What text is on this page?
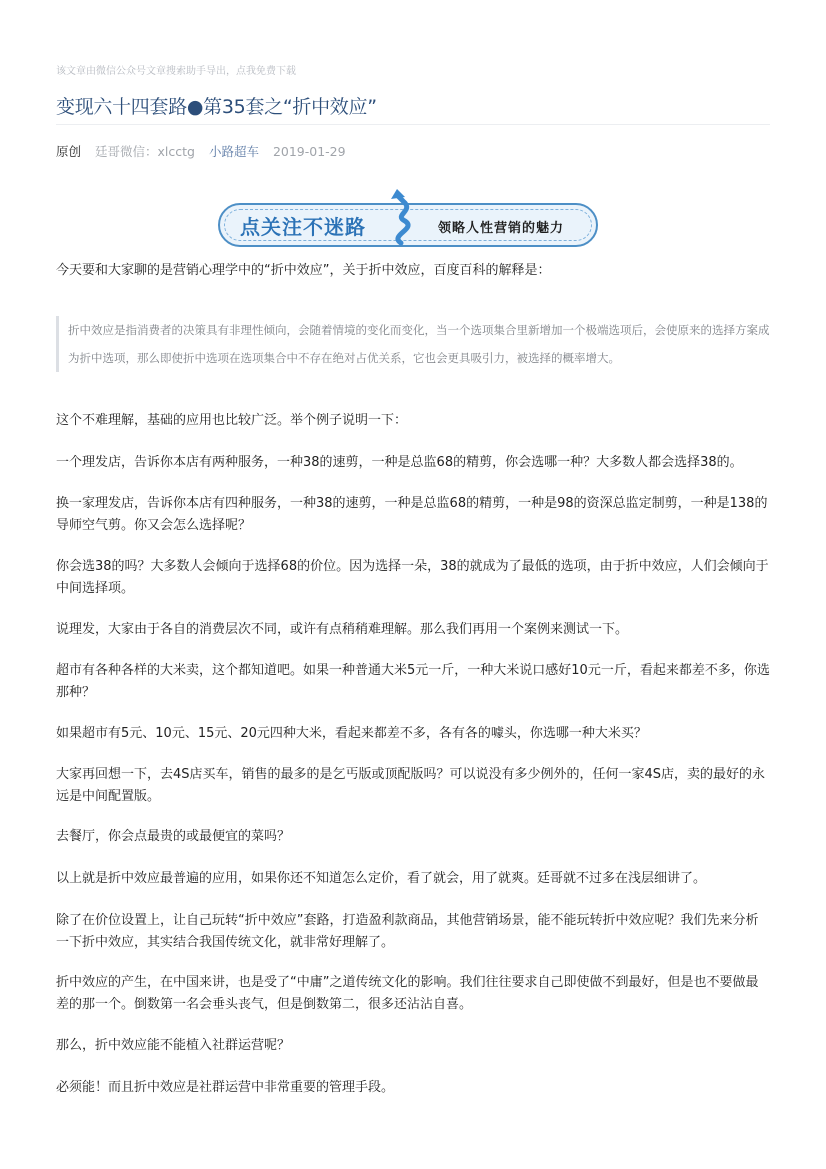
该文章由微信公众号文章搜索助手导出，点我免费下载
变现六十四套路●第35套之“折中效应”
原创 廷哥微信：xlcctg 小路超车 2019-01-29
点关注不迷路	领略人性营销的魅力

今天要和大家聊的是营销心理学中的“折中效应”，关于折中效应，百度百科的解释是：

折中效应是指消费者的决策具有非理性倾向，会随着情境的变化而变化，当一个选项集合里新增加一个极端选项后，会使原来的选择方案成为折中选项，那么即使折中选项在选项集合中不存在绝对占优关系，它也会更具吸引力，被选择的概率增大。

这个不难理解，基础的应用也比较广泛。举个例子说明一下：

一个理发店，告诉你本店有两种服务，一种38的速剪，一种是总监68的精剪，你会选哪一种？大多数人都会选择38的。

换一家理发店，告诉你本店有四种服务，一种38的速剪，一种是总监68的精剪，一种是98的资深总监定制剪，一种是138的导师空气剪。你又会怎么选择呢？

你会选38的吗？大多数人会倾向于选择68的价位。因为选择一朵，38的就成为了最低的选项，由于折中效应，人们会倾向于中间选择项。

说理发，大家由于各自的消费层次不同，或许有点稍稍难理解。那么我们再用一个案例来测试一下。

超市有各种各样的大米卖，这个都知道吧。如果一种普通大米5元一斤，一种大米说口感好10元一斤，看起来都差不多，你选那种？

如果超市有5元、10元、15元、20元四种大米，看起来都差不多，各有各的噱头，你选哪一种大米买？

大家再回想一下，去4S店买车，销售的最多的是乞丐版或顶配版吗？可以说没有多少例外的，任何一家4S店，卖的最好的永远是中间配置版。

去餐厅，你会点最贵的或最便宜的菜吗？

以上就是折中效应最普遍的应用，如果你还不知道怎么定价，看了就会，用了就爽。廷哥就不过多在浅层细讲了。

除了在价位设置上，让自己玩转“折中效应”套路，打造盈利款商品，其他营销场景，能不能玩转折中效应呢？我们先来分析一下折中效应，其实结合我国传统文化，就非常好理解了。

折中效应的产生，在中国来讲，也是受了“中庸”之道传统文化的影响。我们往往要求自己即使做不到最好，但是也不要做最差的那一个。倒数第一名会垂头丧气，但是倒数第二，很多还沾沾自喜。

那么，折中效应能不能植入社群运营呢？

必须能！而且折中效应是社群运营中非常重要的管理手段。
